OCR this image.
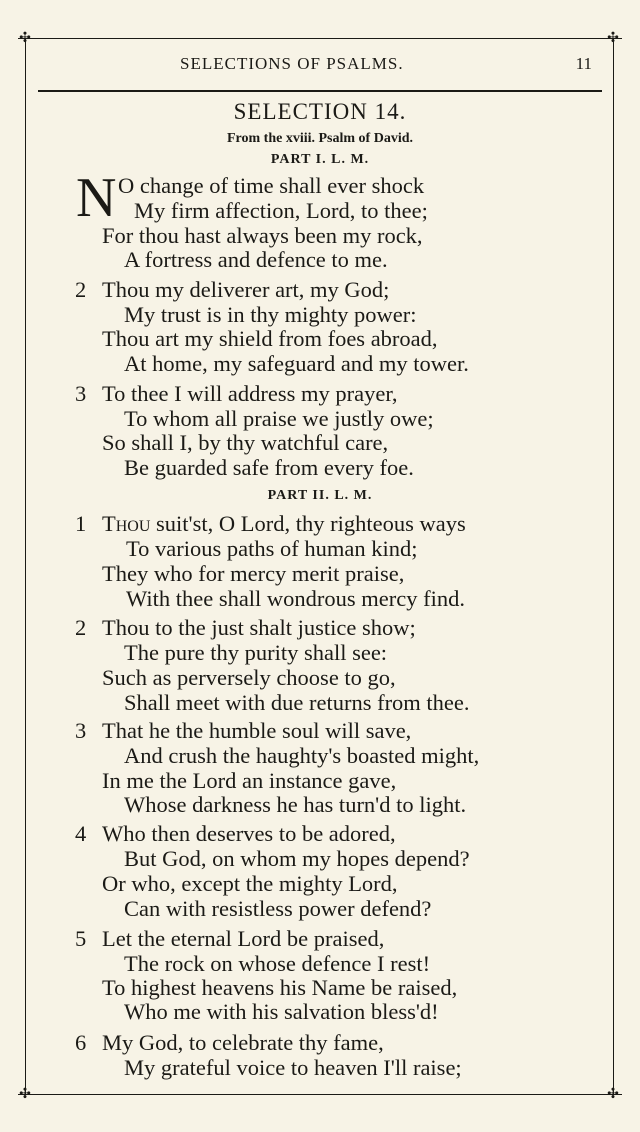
✣	✣
✣	✣
SELECTIONS OF PSALMS.	11
SELECTION 14.
From the xviii. Psalm of David.
PART I. L. M.
N O change of time shall ever shock
My firm affection, Lord, to thee;
For thou hast always been my rock,
A fortress and defence to me.
2 Thou my deliverer art, my God;
My trust is in thy mighty power:
Thou art my shield from foes abroad,
At home, my safeguard and my tower.
3 To thee I will address my prayer,
To whom all praise we justly owe;
So shall I, by thy watchful care,
Be guarded safe from every foe.
PART II. L. M.
1 Thou suit'st, O Lord, thy righteous ways
To various paths of human kind;
They who for mercy merit praise,
With thee shall wondrous mercy find.
2 Thou to the just shalt justice show;
The pure thy purity shall see:
Such as perversely choose to go,
Shall meet with due returns from thee.
3 That he the humble soul will save,
And crush the haughty's boasted might,
In me the Lord an instance gave,
Whose darkness he has turn'd to light.
4 Who then deserves to be adored,
But God, on whom my hopes depend?
Or who, except the mighty Lord,
Can with resistless power defend?
5 Let the eternal Lord be praised,
The rock on whose defence I rest!
To highest heavens his Name be raised,
Who me with his salvation bless'd!
6 My God, to celebrate thy fame,
My grateful voice to heaven I'll raise;
